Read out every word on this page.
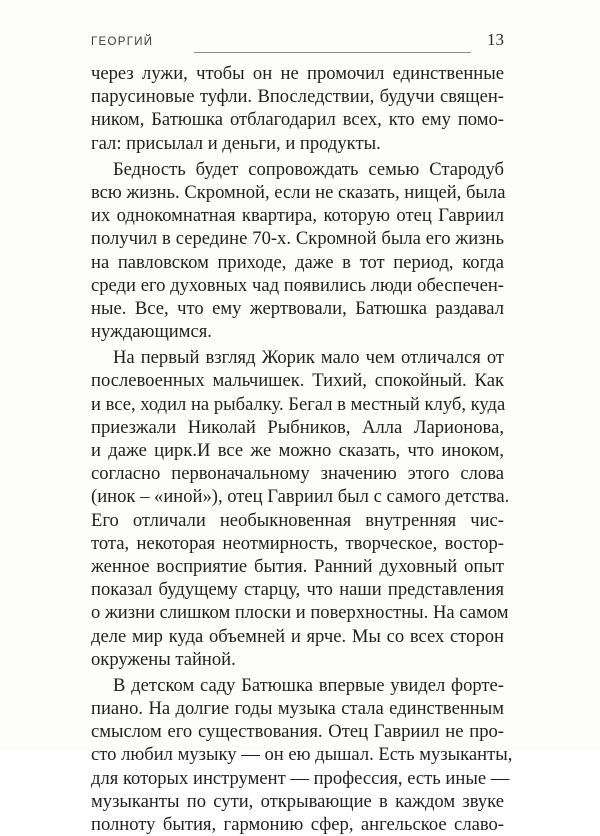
ГЕОРГИЙ	13
через лужи, чтобы он не промочил единственные
парусиновые туфли. Впоследствии, будучи священ-
ником, Батюшка отблагодарил всех, кто ему помо-
гал: присылал и деньги, и продукты.
Бедность будет сопровождать семью Стародуб
всю жизнь. Скромной, если не сказать, нищей, была
их однокомнатная квартира, которую отец Гавриил
получил в середине 70-х. Скромной была его жизнь
на павловском приходе, даже в тот период, когда
среди его духовных чад появились люди обеспечен-
ные. Все, что ему жертвовали, Батюшка раздавал
нуждающимся.
На первый взгляд Жорик мало чем отличался от
послевоенных мальчишек. Тихий, спокойный. Как
и все, ходил на рыбалку. Бегал в местный клуб, куда
приезжали Николай Рыбников, Алла Ларионова,
и даже цирк.И все же можно сказать, что иноком,
согласно первоначальному значению этого слова
(инок – «иной»), отец Гавриил был с самого детства.
Его отличали необыкновенная внутренняя чис-
тота, некоторая неотмирность, творческое, востор-
женное восприятие бытия. Ранний духовный опыт
показал будущему старцу, что наши представления
о жизни слишком плоски и поверхностны. На самом
деле мир куда объемней и ярче. Мы со всех сторон
окружены тайной.
В детском саду Батюшка впервые увидел форте-
пиано. На долгие годы музыка стала единственным
смыслом его существования. Отец Гавриил не про-
сто любил музыку — он ею дышал. Есть музыканты,
для которых инструмент — профессия, есть иные —
музыканты по сути, открывающие в каждом звуке
полноту бытия, гармонию сфер, ангельское славо-
